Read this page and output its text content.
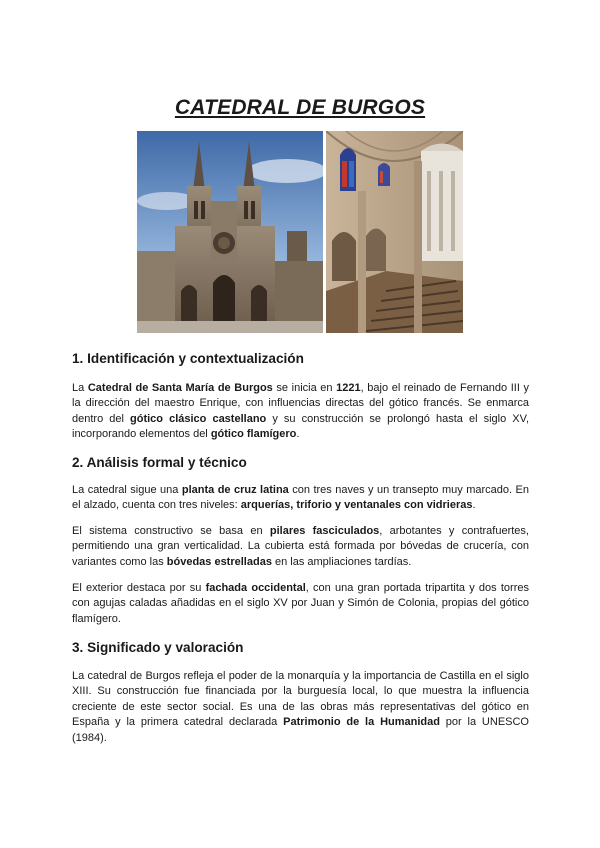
CATEDRAL DE BURGOS
1. Identificación y contextualización

La Catedral de Santa María de Burgos se inicia en 1221, bajo el reinado de Fernando III y la dirección del maestro Enrique, con influencias directas del gótico francés. Se enmarca dentro del gótico clásico castellano y su construcción se prolongó hasta el siglo XV, incorporando elementos del gótico flamígero.

2. Análisis formal y técnico

La catedral sigue una planta de cruz latina con tres naves y un transepto muy marcado. En el alzado, cuenta con tres niveles: arquerías, triforio y ventanales con vidrieras.

El sistema constructivo se basa en pilares fasciculados, arbotantes y contrafuertes, permitiendo una gran verticalidad. La cubierta está formada por bóvedas de crucería, con variantes como las bóvedas estrelladas en las ampliaciones tardías.

El exterior destaca por su fachada occidental, con una gran portada tripartita y dos torres con agujas caladas añadidas en el siglo XV por Juan y Simón de Colonia, propias del gótico flamígero.

3. Significado y valoración

La catedral de Burgos refleja el poder de la monarquía y la importancia de Castilla en el siglo XIII. Su construcción fue financiada por la burguesía local, lo que muestra la influencia creciente de este sector social. Es una de las obras más representativas del gótico en España y la primera catedral declarada Patrimonio de la Humanidad por la UNESCO (1984).
